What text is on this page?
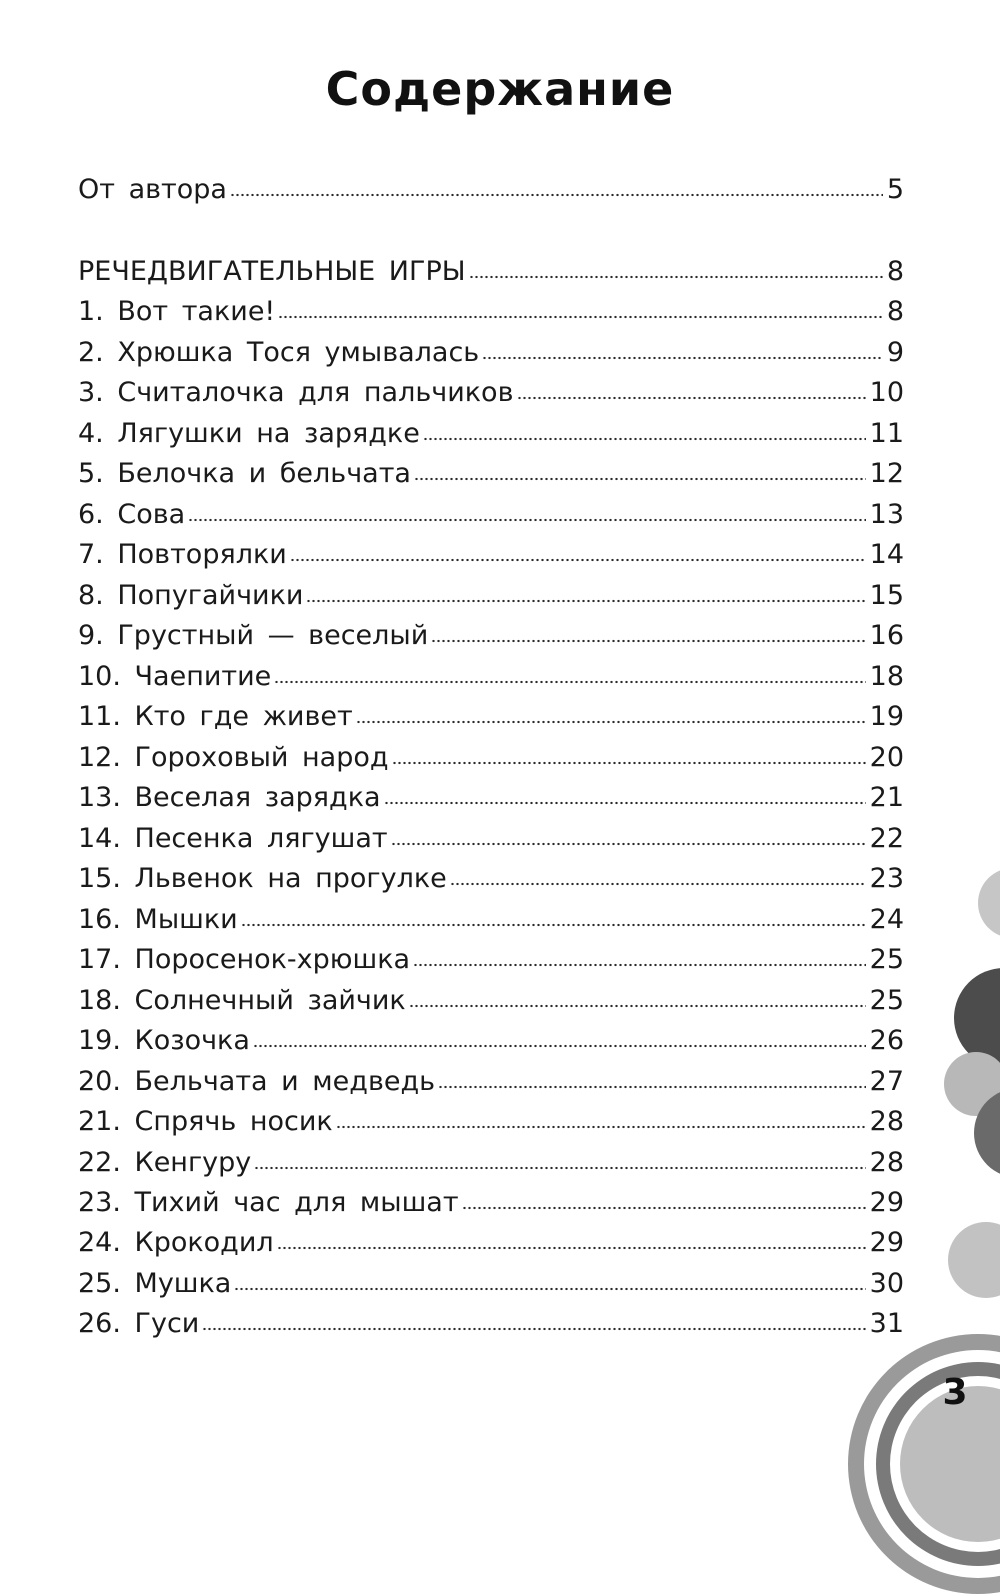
Содержание
От автора	5
РЕЧЕДВИГАТЕЛЬНЫЕ ИГРЫ	8
1. Вот такие!	8
2. Хрюшка Тося умывалась	9
3. Считалочка для пальчиков	10
4. Лягушки на зарядке	11
5. Белочка и бельчата	12
6. Сова	13
7. Повторялки	14
8. Попугайчики	15
9. Грустный — веселый	16
10. Чаепитие	18
11. Кто где живет	19
12. Гороховый народ	20
13. Веселая зарядка	21
14. Песенка лягушат	22
15. Львенок на прогулке	23
16. Мышки	24
17. Поросенок-хрюшка	25
18. Солнечный зайчик	25
19. Козочка	26
20. Бельчата и медведь	27
21. Спрячь носик	28
22. Кенгуру	28
23. Тихий час для мышат	29
24. Крокодил	29
25. Мушка	30
26. Гуси	31
3
